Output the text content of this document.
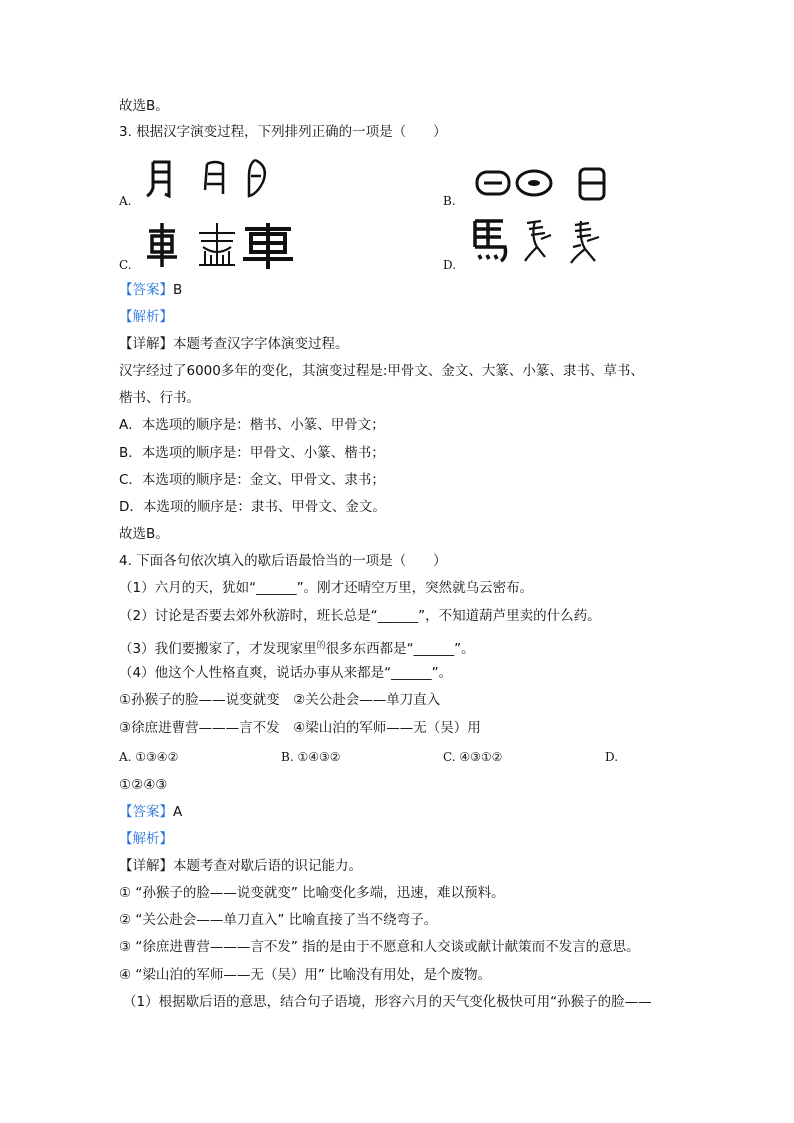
故选B。
3. 根据汉字演变过程，下列排列正确的一项是（　　）
A.	B.
C.	D.
【答案】B
【解析】
【详解】本题考查汉字字体演变过程。
汉字经过了6000多年的变化，其演变过程是:甲骨文、金文、大篆、小篆、隶书、草书、
楷书、行书。
A．本选项的顺序是：楷书、小篆、甲骨文；
B．本选项的顺序是：甲骨文、小篆、楷书；
C．本选项的顺序是：金文、甲骨文、隶书；
D．本选项的顺序是：隶书、甲骨文、金文。
故选B。
4. 下面各句依次填入的歇后语最恰当的一项是（　　）
（1）六月的天，犹如“______”。刚才还晴空万里，突然就乌云密布。
（2）讨论是否要去郊外秋游时，班长总是“______”，不知道葫芦里卖的什么药。
（3）我们要搬家了，才发现家里$^的$很多东西都是“______”。
（4）他这个人性格直爽，说话办事从来都是“______”。
①孙猴子的脸——说变就变　②关公赴会——单刀直入
③徐庶进曹营———言不发　④梁山泊的军师——无（吴）用
A. ①③④②	B. ①④③②	C. ④③①②	D.
①②④③
【答案】A
【解析】
【详解】本题考查对歇后语的识记能力。
① “孙猴子的脸——说变就变” 比喻变化多端，迅速，难以预料。
② “关公赴会——单刀直入” 比喻直接了当不绕弯子。
③ “徐庶进曹营———言不发” 指的是由于不愿意和人交谈或献计献策而不发言的意思。
④ “梁山泊的军师——无（吴）用” 比喻没有用处，是个废物。
（1）根据歇后语的意思，结合句子语境，形容六月的天气变化极快可用“孙猴子的脸——
